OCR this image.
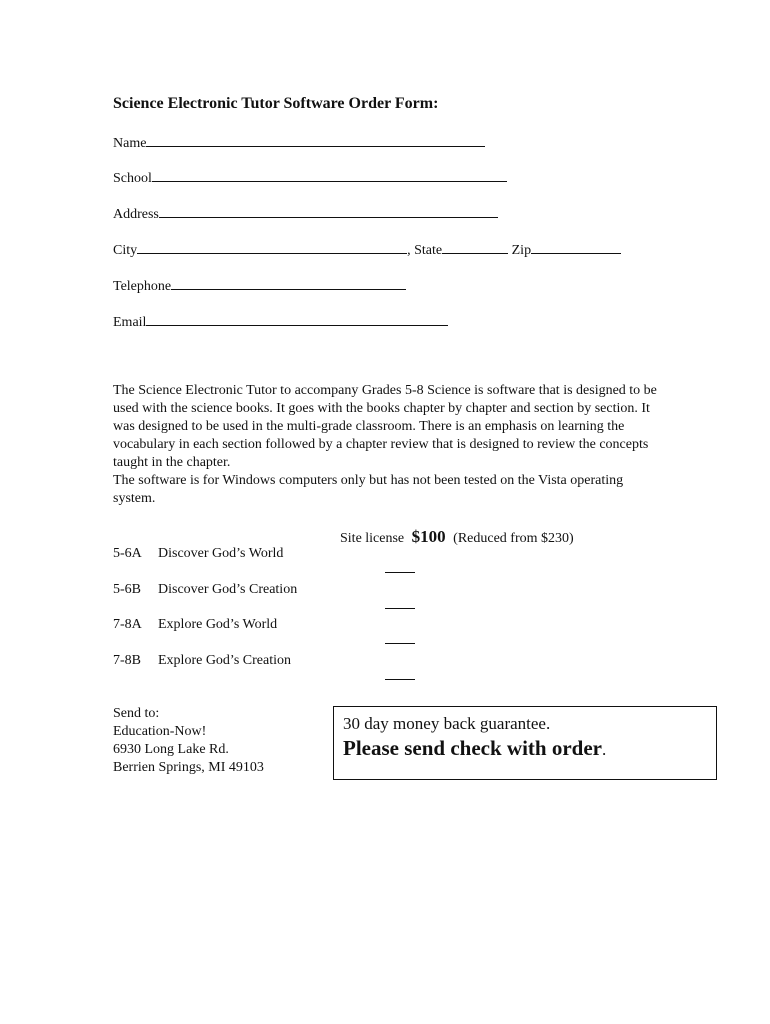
Science Electronic Tutor Software Order Form:
Name
School
Address
City	, State	Zip
Telephone
Email

The Science Electronic Tutor to accompany Grades 5-8 Science is software that is designed to be used with the science books. It goes with the books chapter by chapter and section by section. It was designed to be used in the multi-grade classroom. There is an emphasis on learning the vocabulary in each section followed by a chapter review that is designed to review the concepts taught in the chapter.

The software is for Windows computers only but has not been tested on the Vista operating system.

Site license $100 (Reduced from $230)
5-6A Discover God’s World
5-6B Discover God’s Creation
7-8A Explore God’s World
7-8B Explore God’s Creation
Send to:
Education-Now!
6930 Long Lake Rd.
Berrien Springs, MI 49103
30 day money back guarantee.
Please send check with order.
